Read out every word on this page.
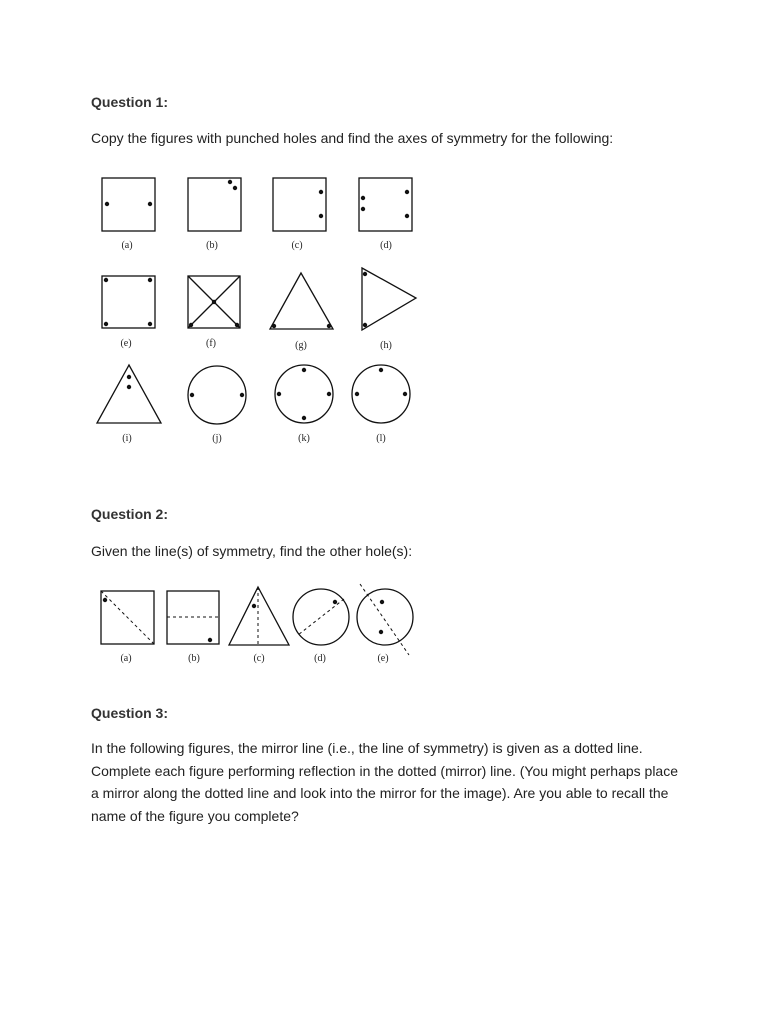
Question 1:
Copy the figures with punched holes and find the axes of symmetry for the following:
(a)	(b)	(c)	(d)
(e)	(f)	(g)	(h)
(i)	(j)	(k)	(l)
Question 2:
Given the line(s) of symmetry, find the other hole(s):
(a)	(b)	(c)	(d)	(e)
Question 3:
In the following figures, the mirror line (i.e., the line of symmetry) is given as a dotted line. Complete each figure performing reflection in the dotted (mirror) line. (You might perhaps place a mirror along the dotted line and look into the mirror for the image). Are you able to recall the name of the figure you complete?
